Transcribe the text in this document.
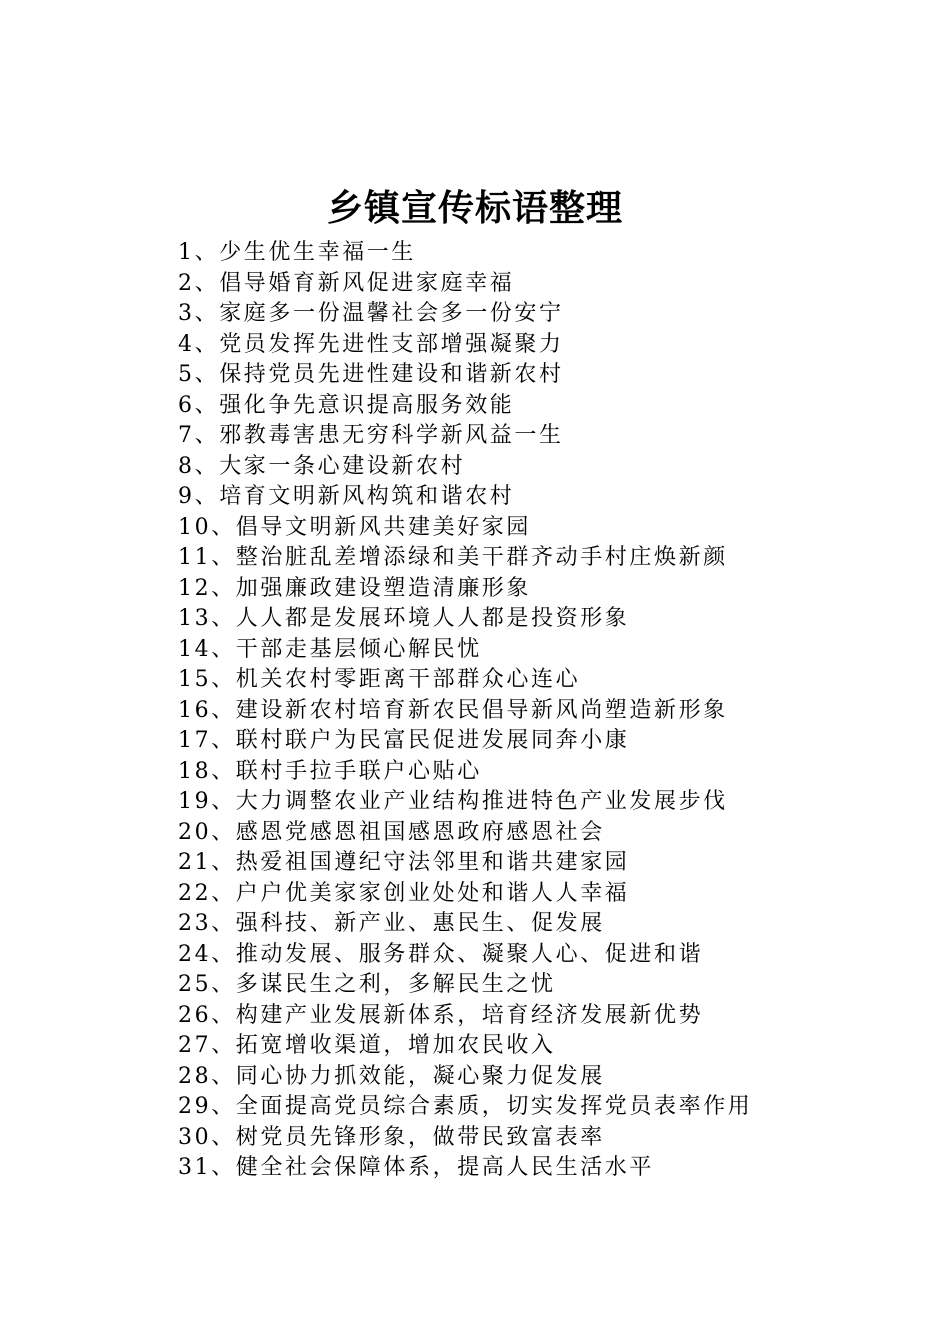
乡镇宣传标语整理
1、少生优生幸福一生
2、倡导婚育新风促进家庭幸福
3、家庭多一份温馨社会多一份安宁
4、党员发挥先进性支部增强凝聚力
5、保持党员先进性建设和谐新农村
6、强化争先意识提高服务效能
7、邪教毒害患无穷科学新风益一生
8、大家一条心建设新农村
9、培育文明新风构筑和谐农村
10、倡导文明新风共建美好家园
11、整治脏乱差增添绿和美干群齐动手村庄焕新颜
12、加强廉政建设塑造清廉形象
13、人人都是发展环境人人都是投资形象
14、干部走基层倾心解民忧
15、机关农村零距离干部群众心连心
16、建设新农村培育新农民倡导新风尚塑造新形象
17、联村联户为民富民促进发展同奔小康
18、联村手拉手联户心贴心
19、大力调整农业产业结构推进特色产业发展步伐
20、感恩党感恩祖国感恩政府感恩社会
21、热爱祖国遵纪守法邻里和谐共建家园
22、户户优美家家创业处处和谐人人幸福
23、强科技、新产业、惠民生、促发展
24、推动发展、服务群众、凝聚人心、促进和谐
25、多谋民生之利，多解民生之忧
26、构建产业发展新体系，培育经济发展新优势
27、拓宽增收渠道，增加农民收入
28、同心协力抓效能，凝心聚力促发展
29、全面提高党员综合素质，切实发挥党员表率作用
30、树党员先锋形象，做带民致富表率
31、健全社会保障体系，提高人民生活水平
